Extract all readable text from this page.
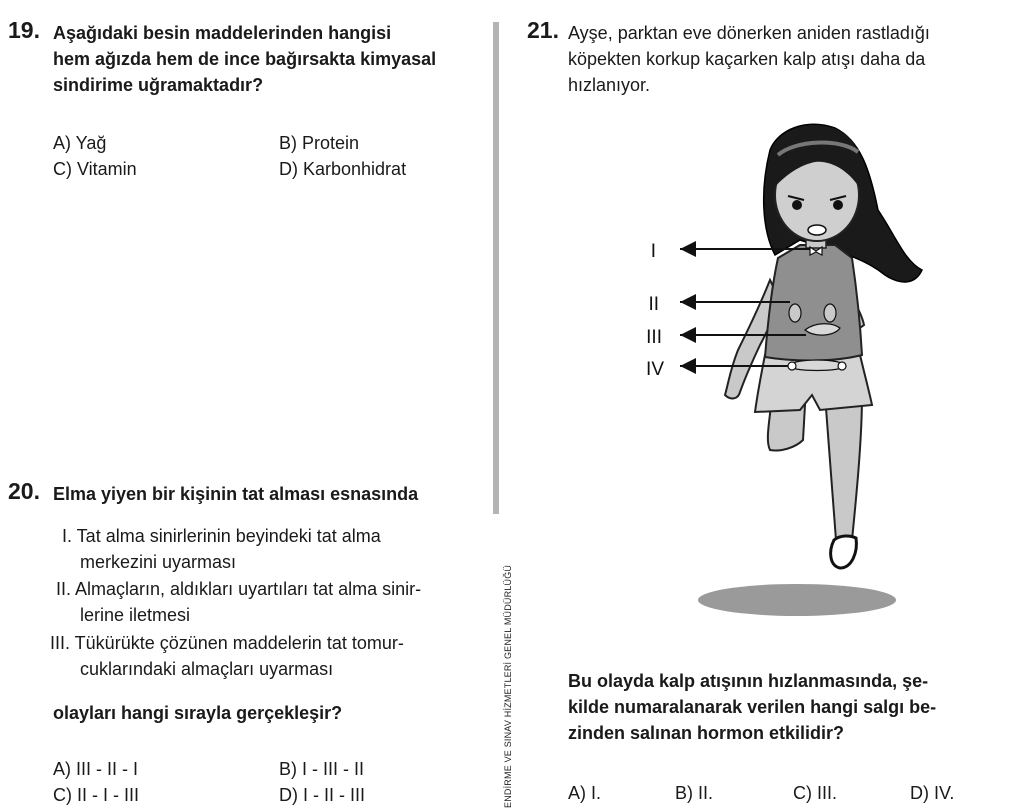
19. Aşağıdaki besin maddelerinden hangisi
hem ağızda hem de ince bağırsakta kimyasal
sindirime uğramaktadır?
A) Yağ	B) Protein
C) Vitamin	D) Karbonhidrat
20. Elma yiyen bir kişinin tat alması esnasında
I. Tat alma sinirlerinin beyindeki tat alma
merkezini uyarması
II. Almaçların, aldıkları uyartıları tat alma sinir-
lerine iletmesi
III. Tükürükte çözünen maddelerin tat tomur-
cuklarındaki almaçları uyarması
olayları hangi sırayla gerçekleşir?
A) III - II - I	B) I - III - II
C) II - I - III	D) I - II - III	ENDİRME VE SINAV HİZMETLERİ GENEL MÜDÜRLÜĞÜ
21. Ayşe, parktan eve dönerken aniden rastladığı
köpekten korkup kaçarken kalp atışı daha da
hızlanıyor.
I
II
III
IV
Bu olayda kalp atışının hızlanmasında, şe-
kilde numaralanarak verilen hangi salgı be-
zinden salınan hormon etkilidir?
A) I.	B) II.	C) III.	D) IV.
